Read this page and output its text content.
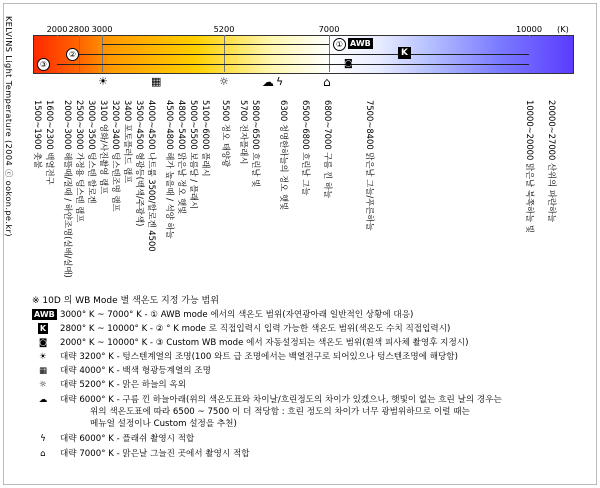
KELVINS Light Temperature (2004 ⓒ ookon.pe.kr)	2000 2800 3000	5200	7000	10000 (K)
① AWB
②	K
③	◙
☀	▦	☼	☁ ϟ	⌂
1500~1900 촛불 1600~2300 백열전구 2000~3000 해뜰때/질때 / 하얀조명(실배/실매) 2500~3000 가정용 텅스텐 램프 3000~3500 텅스텐 할로겐 3100 영화/사진촬영 램프 3200~3400 텅스텐조명 램프 3400 포토플러드 램프 3500~4500 형광등(백색/주광색) 4000~4500 나트륨 3500/할로겐 4500 4500~4800 해가 높을때 / 석양 하늘 4800~5400 맑은날 정오 햇빛 5000~5500 보름달 / 플래시 5100~6000 플래시 5500 정오 태양광 5700 전자플래시 5800~6500 흐린날 빛 6300 청명한하늘의 정오 햇빛 6500~6800 흐린날 그늘 6800~7000 구름 낀 하늘	7500~8400 맑은날 그늘/푸른하늘	10000~20000 맑은날 북쪽하늘 빛 20000~27000 산위의 파란하늘
※ 10D 의 WB Mode 별 색온도 지정 가능 범위
AWB 3000° K ~ 7000° K - ① AWB mode 에서의 색온도 범위(자연광아래 일반적인 상황에 대응)
K 2800° K ~ 10000° K - ② ° K mode 로 직접입력시 입력 가능한 색온도 범위(색온도 수치 직접입력시)
◙ 2000° K ~ 10000° K - ③ Custom WB mode 에서 자동설정되는 색온도 범위(흰색 피사체 촬영후 지정시)
☀ 대략 3200° K - 텅스텐계열의 조명(100 와트 급 조명에서는 백열전구로 되어있으나 텅스텐조명에 해당함)
▦ 대략 4000° K - 백색 형광등계열의 조명
☼ 대략 5200° K - 맑은 하늘의 옥외
☁ 대략 6000° K - 구름 낀 하늘아래(위의 색온도표와 차이날/흐린정도의 차이가 있겠으나, 햇빛이 없는 흐린 날의 경우는
위의 색온도표에 따라 6500 ~ 7500 이 더 적당함 : 흐린 정도의 차이가 너무 광범위하므로 이럴 때는
메뉴얼 설정이나 Custom 설정을 추천)
ϟ 대략 6000° K - 플래쉬 촬영시 적합
⌂ 대략 7000° K - 맑은날 그늘진 곳에서 촬영시 적합
